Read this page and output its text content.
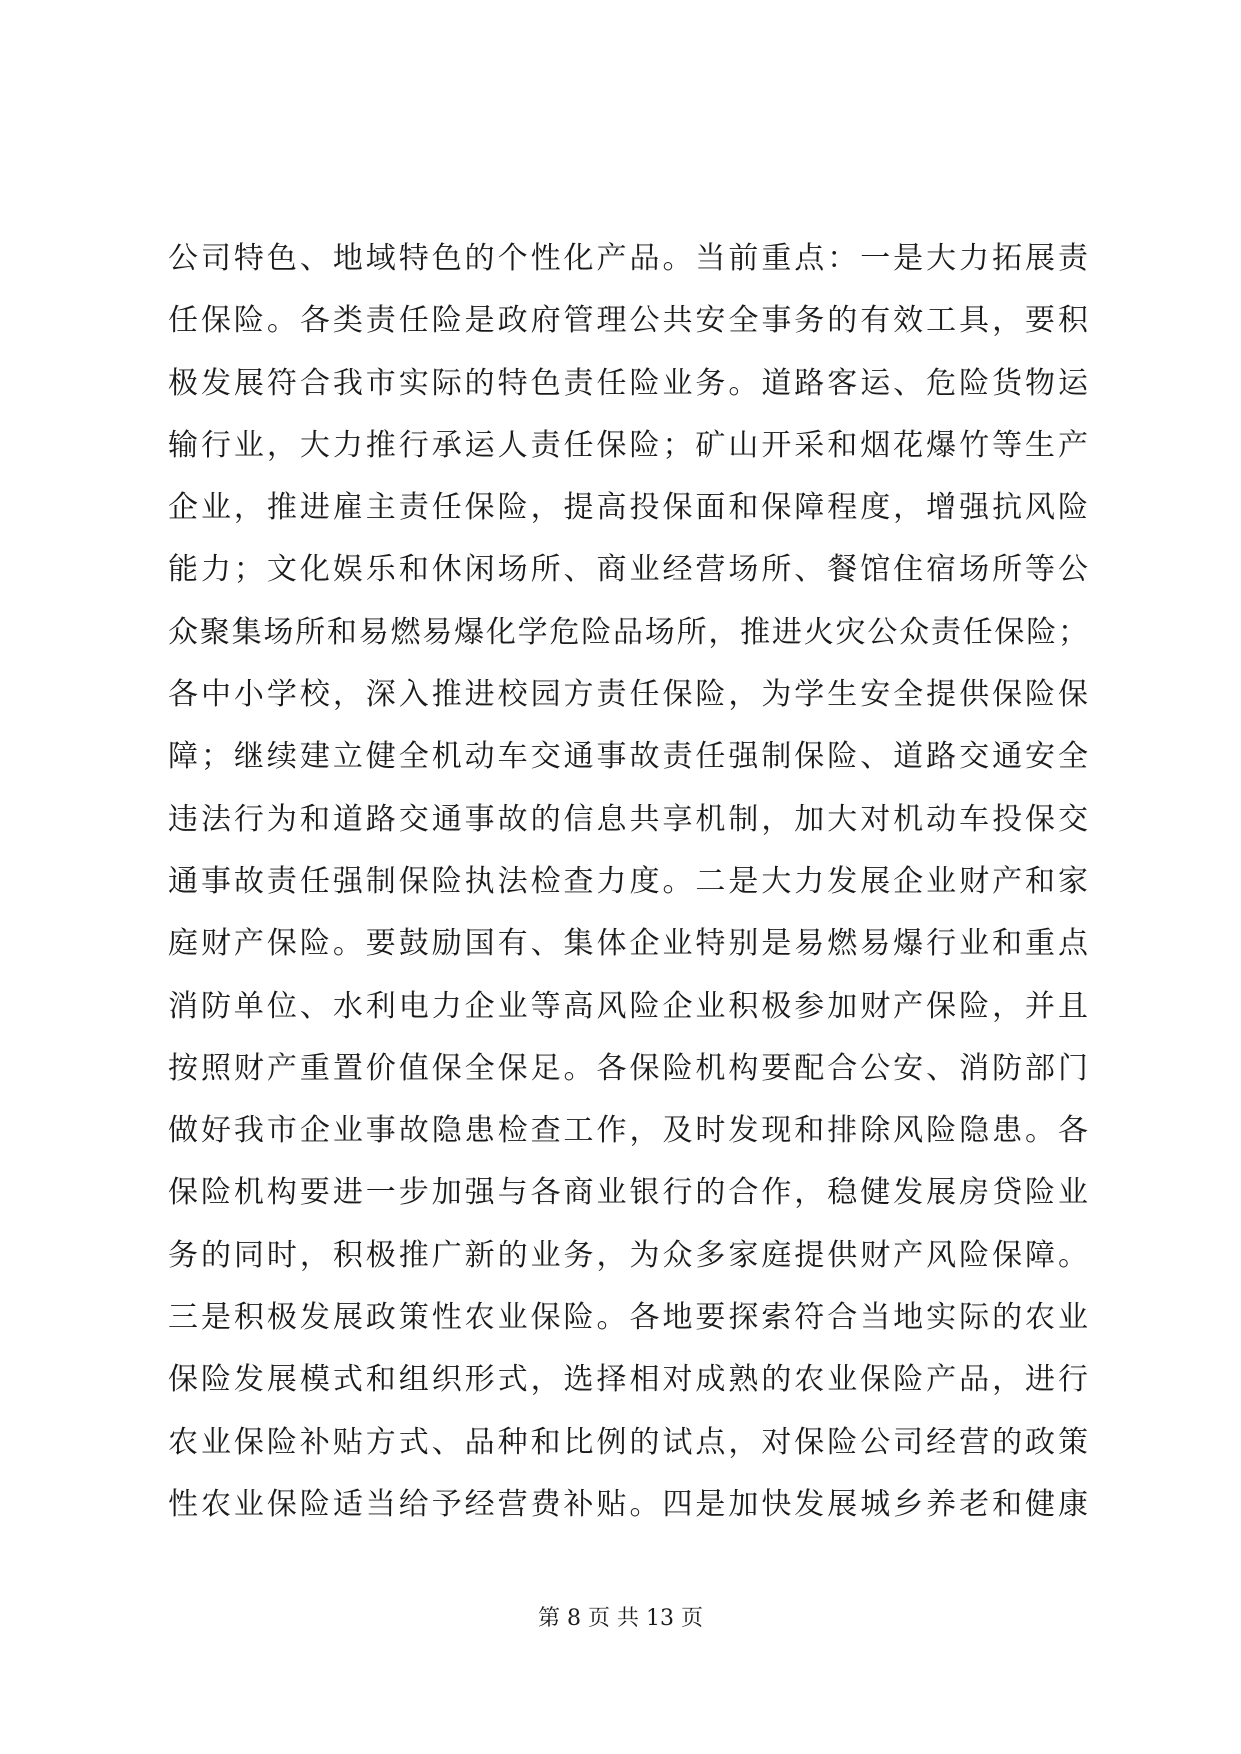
公司特色、地域特色的个性化产品。当前重点：一是大力拓展责
任保险。各类责任险是政府管理公共安全事务的有效工具，要积
极发展符合我市实际的特色责任险业务。道路客运、危险货物运
输行业，大力推行承运人责任保险；矿山开采和烟花爆竹等生产
企业，推进雇主责任保险，提高投保面和保障程度，增强抗风险
能力；文化娱乐和休闲场所、商业经营场所、餐馆住宿场所等公
众聚集场所和易燃易爆化学危险品场所，推进火灾公众责任保险；
各中小学校，深入推进校园方责任保险，为学生安全提供保险保
障；继续建立健全机动车交通事故责任强制保险、道路交通安全
违法行为和道路交通事故的信息共享机制，加大对机动车投保交
通事故责任强制保险执法检查力度。二是大力发展企业财产和家
庭财产保险。要鼓励国有、集体企业特别是易燃易爆行业和重点
消防单位、水利电力企业等高风险企业积极参加财产保险，并且
按照财产重置价值保全保足。各保险机构要配合公安、消防部门
做好我市企业事故隐患检查工作，及时发现和排除风险隐患。各
保险机构要进一步加强与各商业银行的合作，稳健发展房贷险业
务的同时，积极推广新的业务，为众多家庭提供财产风险保障。
三是积极发展政策性农业保险。各地要探索符合当地实际的农业
保险发展模式和组织形式，选择相对成熟的农业保险产品，进行
农业保险补贴方式、品种和比例的试点，对保险公司经营的政策
性农业保险适当给予经营费补贴。四是加快发展城乡养老和健康
第 8 页 共 13 页
